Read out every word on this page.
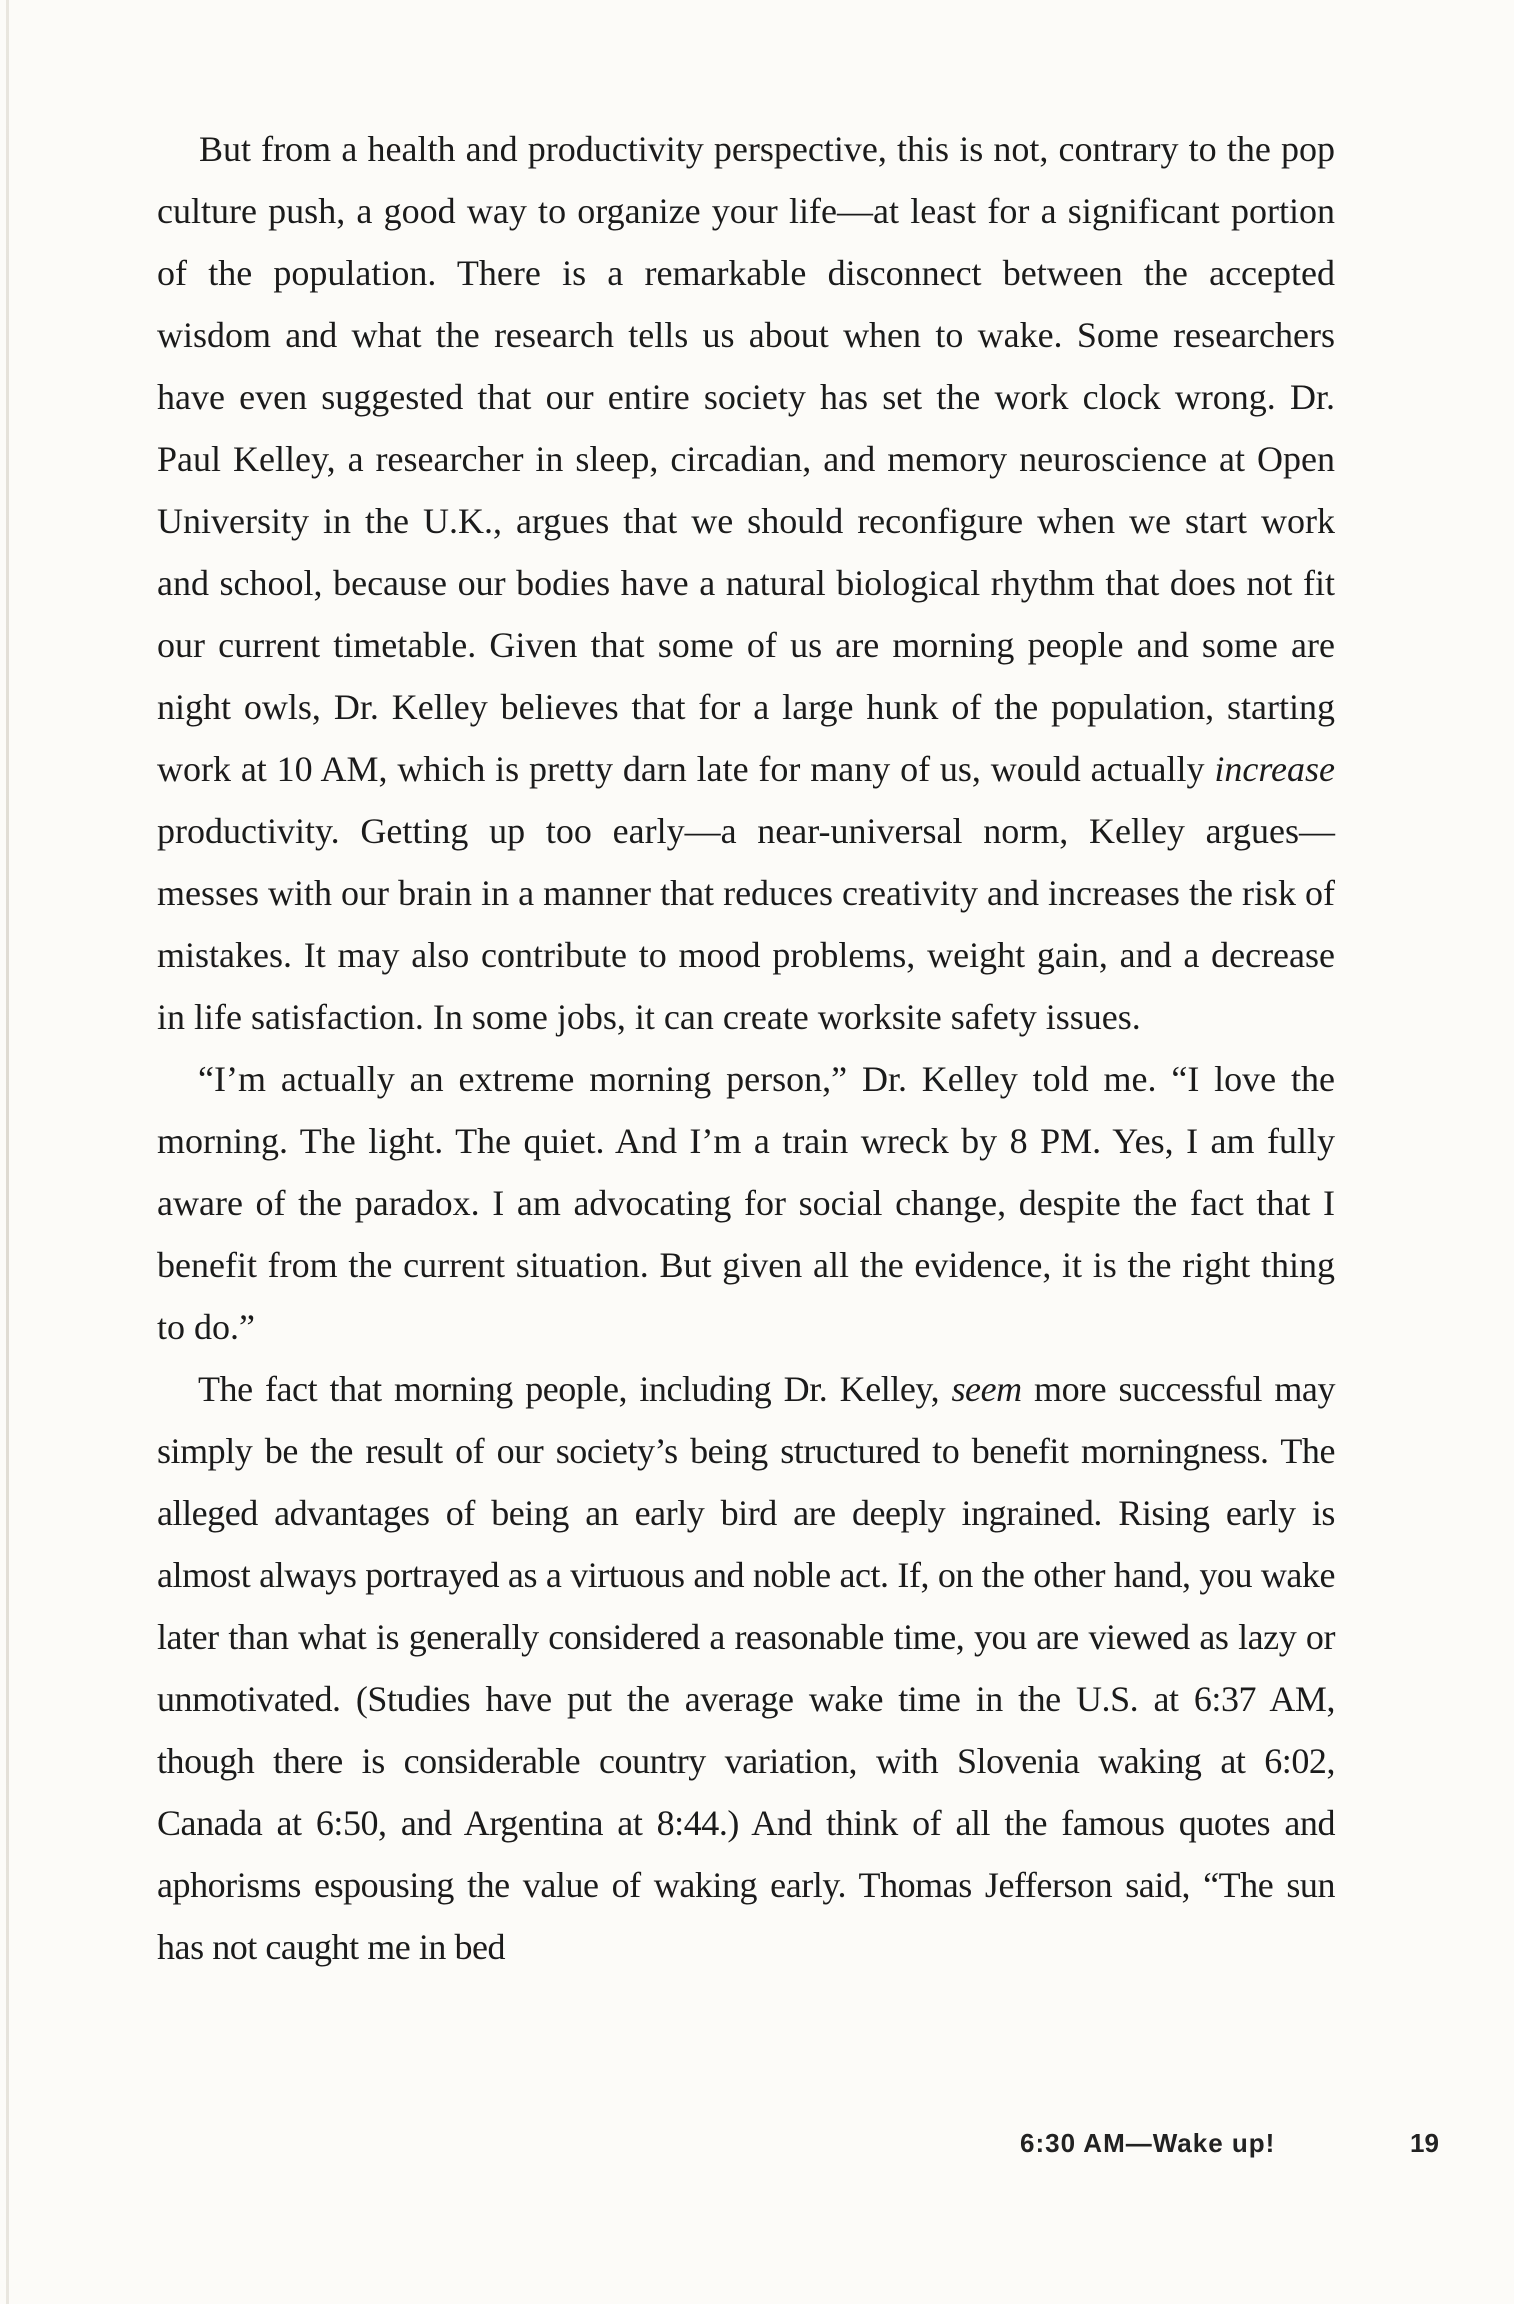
But from a health and productivity perspective, this is not, contrary to the pop culture push, a good way to organize your life—at least for a significant portion of the population. There is a remarkable disconnect between the accepted wisdom and what the research tells us about when to wake. Some researchers have even suggested that our entire society has set the work clock wrong. Dr. Paul Kelley, a researcher in sleep, circadian, and memory neuroscience at Open University in the U.K., argues that we should reconfigure when we start work and school, because our bodies have a natural biological rhythm that does not fit our current timetable. Given that some of us are morning people and some are night owls, Dr. Kelley believes that for a large hunk of the population, starting work at 10 AM, which is pretty darn late for many of us, would actually increase productivity. Getting up too early—a near-universal norm, Kelley argues—messes with our brain in a manner that reduces creativity and increases the risk of mistakes. It may also contribute to mood problems, weight gain, and a decrease in life satisfaction. In some jobs, it can create worksite safety issues.

“I’m actually an extreme morning person,” Dr. Kelley told me. “I love the morning. The light. The quiet. And I’m a train wreck by 8 PM. Yes, I am fully aware of the paradox. I am advocating for social change, despite the fact that I benefit from the current situation. But given all the evidence, it is the right thing to do.”

The fact that morning people, including Dr. Kelley, seem more successful may simply be the result of our society’s being structured to benefit morningness. The alleged advantages of being an early bird are deeply ingrained. Rising early is almost always portrayed as a virtuous and noble act. If, on the other hand, you wake later than what is generally considered a reasonable time, you are viewed as lazy or unmotivated. (Studies have put the average wake time in the U.S. at 6:37 AM, though there is considerable country variation, with Slovenia waking at 6:02, Canada at 6:50, and Argentina at 8:44.) And think of all the famous quotes and aphorisms espousing the value of waking early. Thomas Jefferson said, “The sun has not caught me in bed

6:30 AM—Wake up!	19
